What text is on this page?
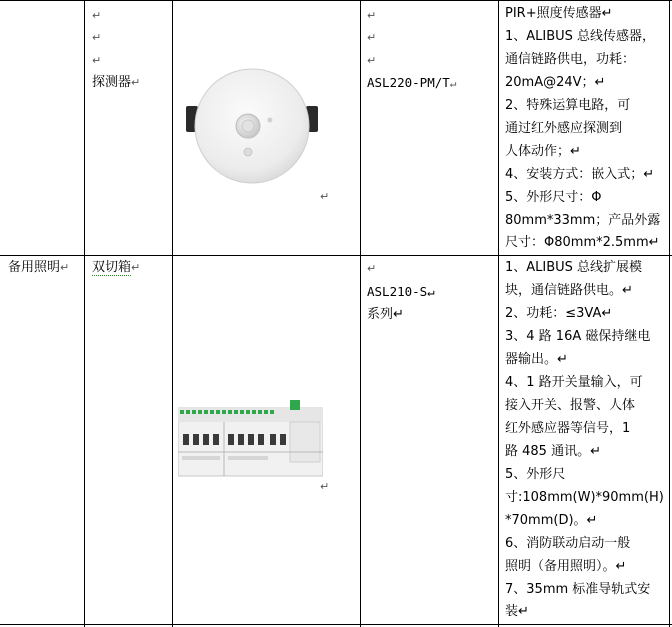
↵
↵
↵
探测器↵
↵
↵
↵
↵
ASL220-PM/T↵
PIR+照度传感器↵
1、ALIBUS 总线传感器，
通信链路供电，功耗：
20mA@24V；↵
2、特殊运算电路，可
通过红外感应探测到
人体动作；↵
4、安装方式：嵌入式；↵
5、外形尺寸：Φ
80mm*33mm；产品外露
尺寸：Φ80mm*2.5mm↵
备用照明↵ 双切箱↵
↵
↵
ASL210-S↵
系列↵
1、ALIBUS 总线扩展模
块，通信链路供电。↵
2、功耗：≤3VA↵
3、4 路 16A 磁保持继电
器输出。↵
4、1 路开关量输入，可
接入开关、报警、人体
红外感应器等信号，1
路 485 通讯。↵
5、外形尺
寸:108mm(W)*90mm(H)
*70mm(D)。↵
6、消防联动启动一般
照明（备用照明）。↵
7、35mm 标准导轨式安
装↵
